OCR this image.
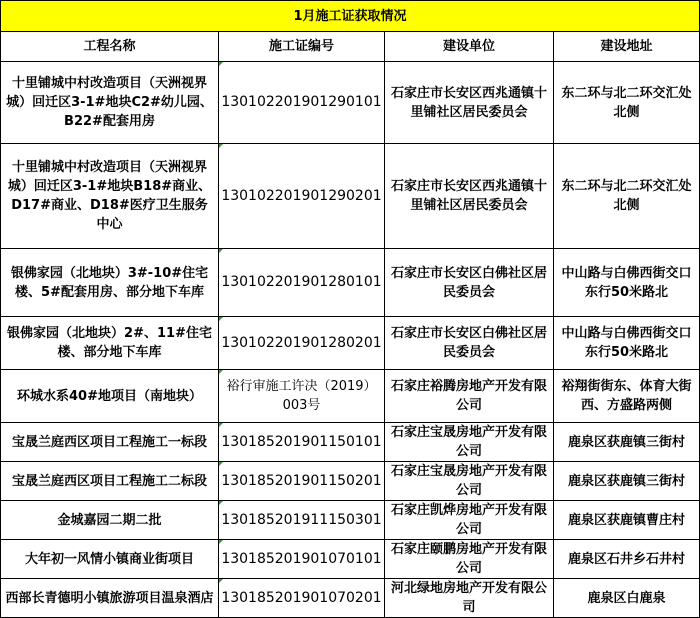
1月施工证获取情况			
工程名称	施工证编号	建设单位	建设地址
十里铺城中村改造项目（天洲视界城）回迁区3-1#地块C2#幼儿园、B22#配套用房	130102201901290101	石家庄市长安区西兆通镇十里铺社区居民委员会	东二环与北二环交汇处北侧
十里铺城中村改造项目（天洲视界城）回迁区3-1#地块B18#商业、D17#商业、D18#医疗卫生服务中心	130102201901290201	石家庄市长安区西兆通镇十里铺社区居民委员会	东二环与北二环交汇处北侧
银佛家园（北地块）3#-10#住宅楼、5#配套用房、部分地下车库	130102201901280101	石家庄市长安区白佛社区居民委员会	中山路与白佛西街交口东行50米路北
银佛家园（北地块）2#、11#住宅楼、部分地下车库	130102201901280201	石家庄市长安区白佛社区居民委员会	中山路与白佛西街交口东行50米路北
环城水系40#地项目（南地块）	裕行审施工许决（2019）003号	石家庄裕腾房地产开发有限公司	裕翔街街东、体育大街西、方盛路两侧
宝晟兰庭西区项目工程施工一标段	130185201901150101	石家庄宝晟房地产开发有限公司	鹿泉区获鹿镇三街村
宝晟兰庭西区项目工程施工二标段	130185201901150201	石家庄宝晟房地产开发有限公司	鹿泉区获鹿镇三街村
金城嘉园二期二批	130185201911150301	石家庄凯烨房地产开发有限公司	鹿泉区获鹿镇曹庄村
大年初一风情小镇商业街项目	130185201901070101	石家庄颐鹏房地产开发有限公司	鹿泉区石井乡石井村
西部长青德明小镇旅游项目温泉酒店	130185201901070201	河北绿地房地产开发有限公司	鹿泉区白鹿泉
